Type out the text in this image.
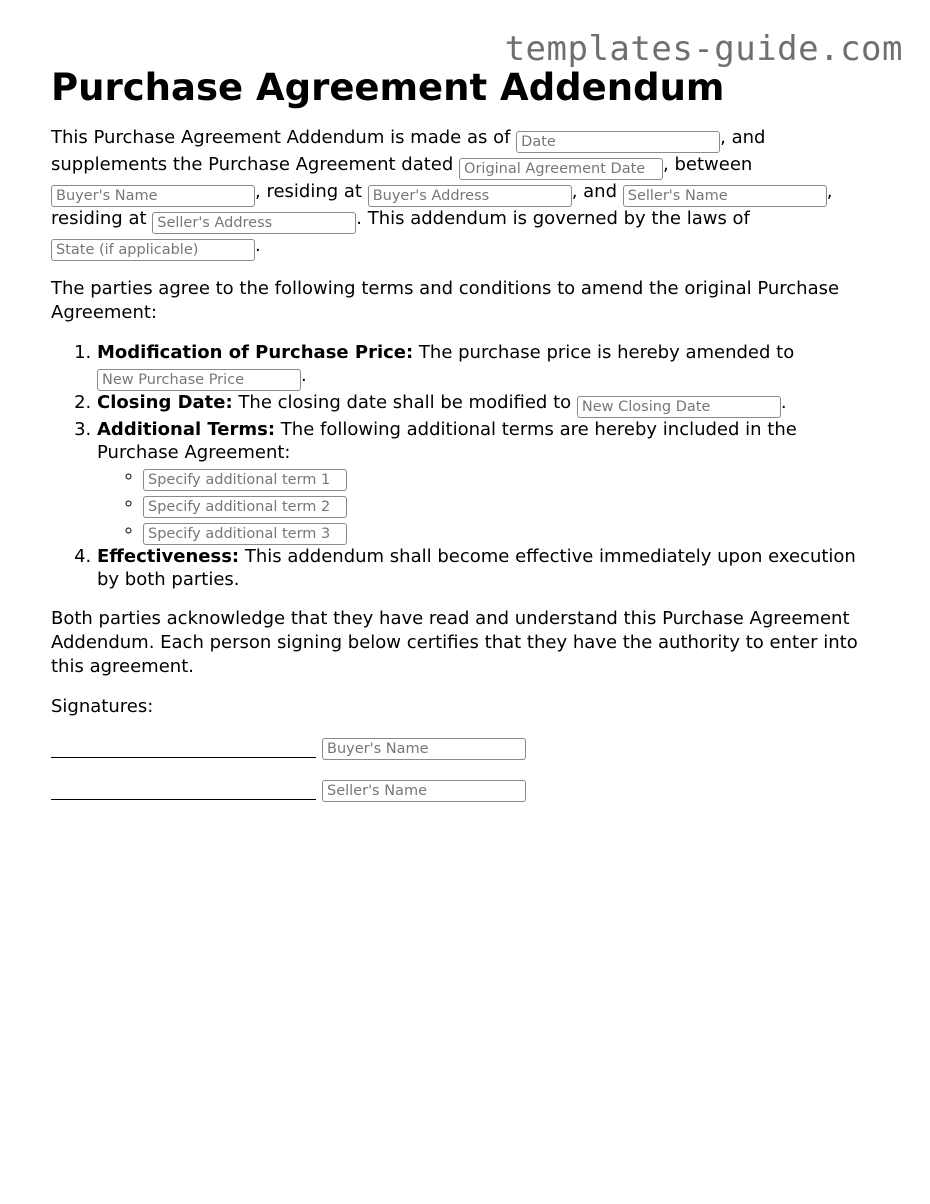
templates-guide.com
Purchase Agreement Addendum

This Purchase Agreement Addendum is made as of Date	, and supplements the Purchase Agreement dated Original Agreement Date	, between Buyer's Name, residing at Buyer's Address	, and Seller's Name	, residing at Seller's Address	. This addendum is governed by the laws of State (if applicable).

The parties agree to the following terms and conditions to amend the original Purchase Agreement:

1. Modification of Purchase Price: The purchase price is hereby amended to New Purchase Price.
2. Closing Date: The closing date shall be modified to New Closing Date	.
3. Additional Terms: The following additional terms are hereby included in the Purchase Agreement:
◦ Specify additional term 1
◦ Specify additional term 2
◦ Specify additional term 3
4. Effectiveness: This addendum shall become effective immediately upon execution by both parties.

Both parties acknowledge that they have read and understand this Purchase Agreement Addendum. Each person signing below certifies that they have the authority to enter into this agreement.

Signatures:

Buyer's Name
Seller's Name
